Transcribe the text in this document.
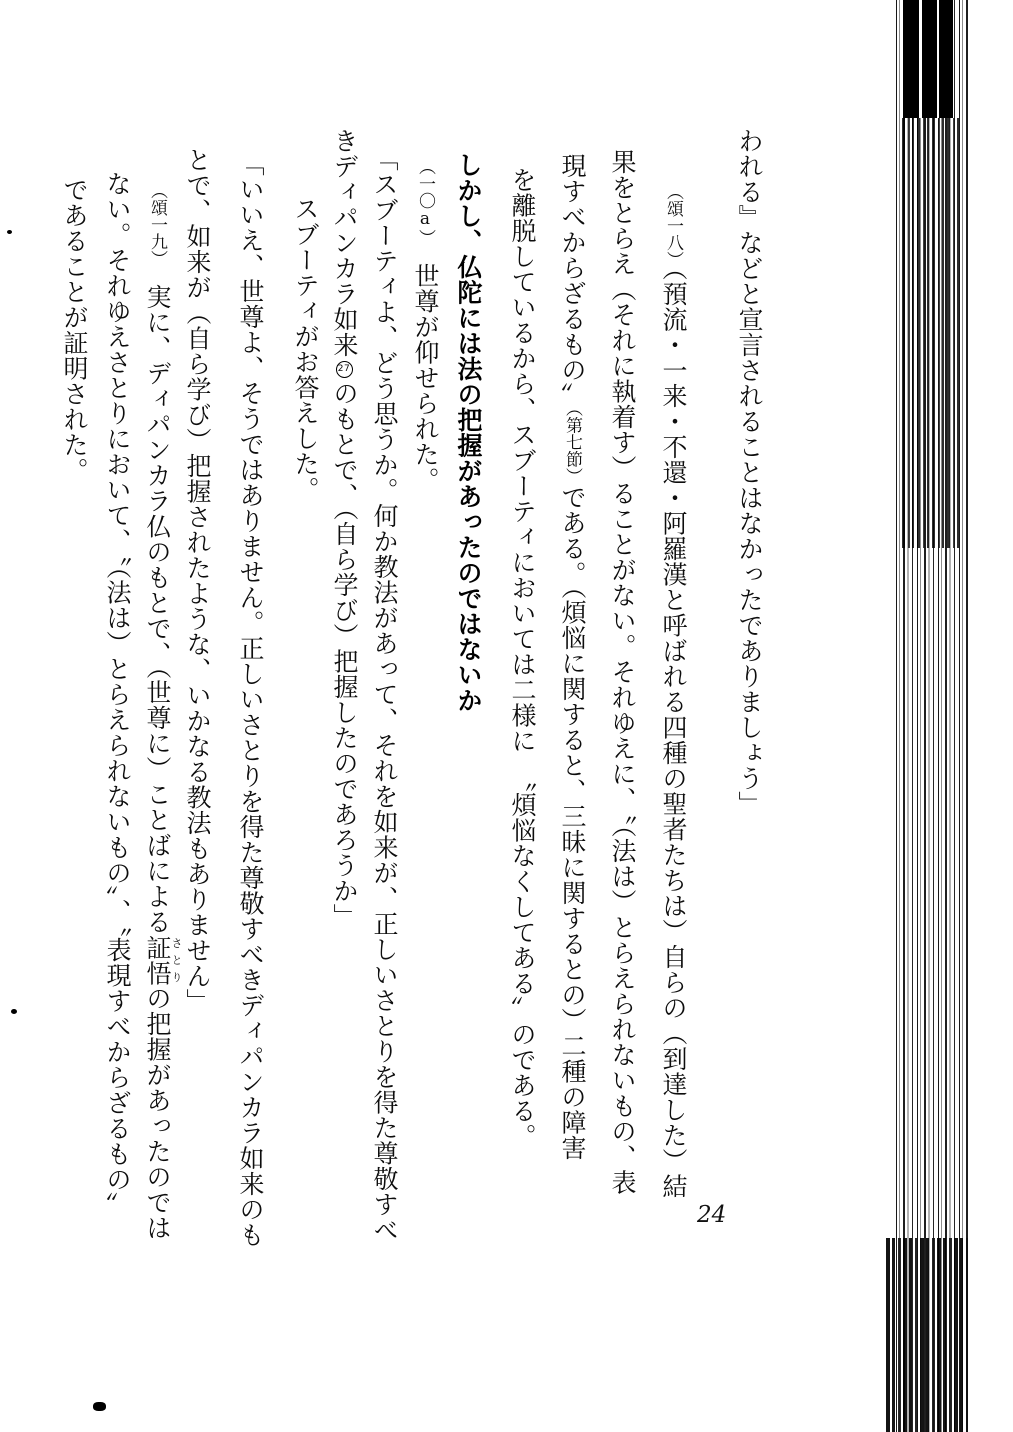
われる』などと宣言されることはなかったでありましょう」
（頌一八）（預流・一来・不還・阿羅漢と呼ばれる四種の聖者たちは）自らの（到達した）結
果をとらえ（それに執着す）ることがない。それゆえに、〝（法は）とらえられないもの、表
現すべからざるもの〞（第七節）である。（煩悩に関すると、三昧に関するとの）二種の障害
を離脱しているから、スブーティにおいては二様に　〝煩悩なくしてある〞のである。
しかし、仏陀には法の把握があったのではないか
（一〇a）　世尊が仰せられた。
「スブーティよ、どう思うか。何か教法があって、それを如来が、正しいさとりを得た尊敬すべ
きディパンカラ如来27のもとで、（自ら学び）把握したのであろうか」
スブーティがお答えした。
「いいえ、世尊よ、そうではありません。正しいさとりを得た尊敬すべきディパンカラ如来のも
とで、如来が（自ら学び）把握されたような、いかなる教法もありません」
（頌一九）　実に、ディパンカラ仏のもとで、（世尊に）ことばによる証悟さとりの把握があったのでは
ない。それゆえさとりにおいて、〝（法は）とらえられないもの〞、〝表現すべからざるもの〞
であることが証明された。
24
